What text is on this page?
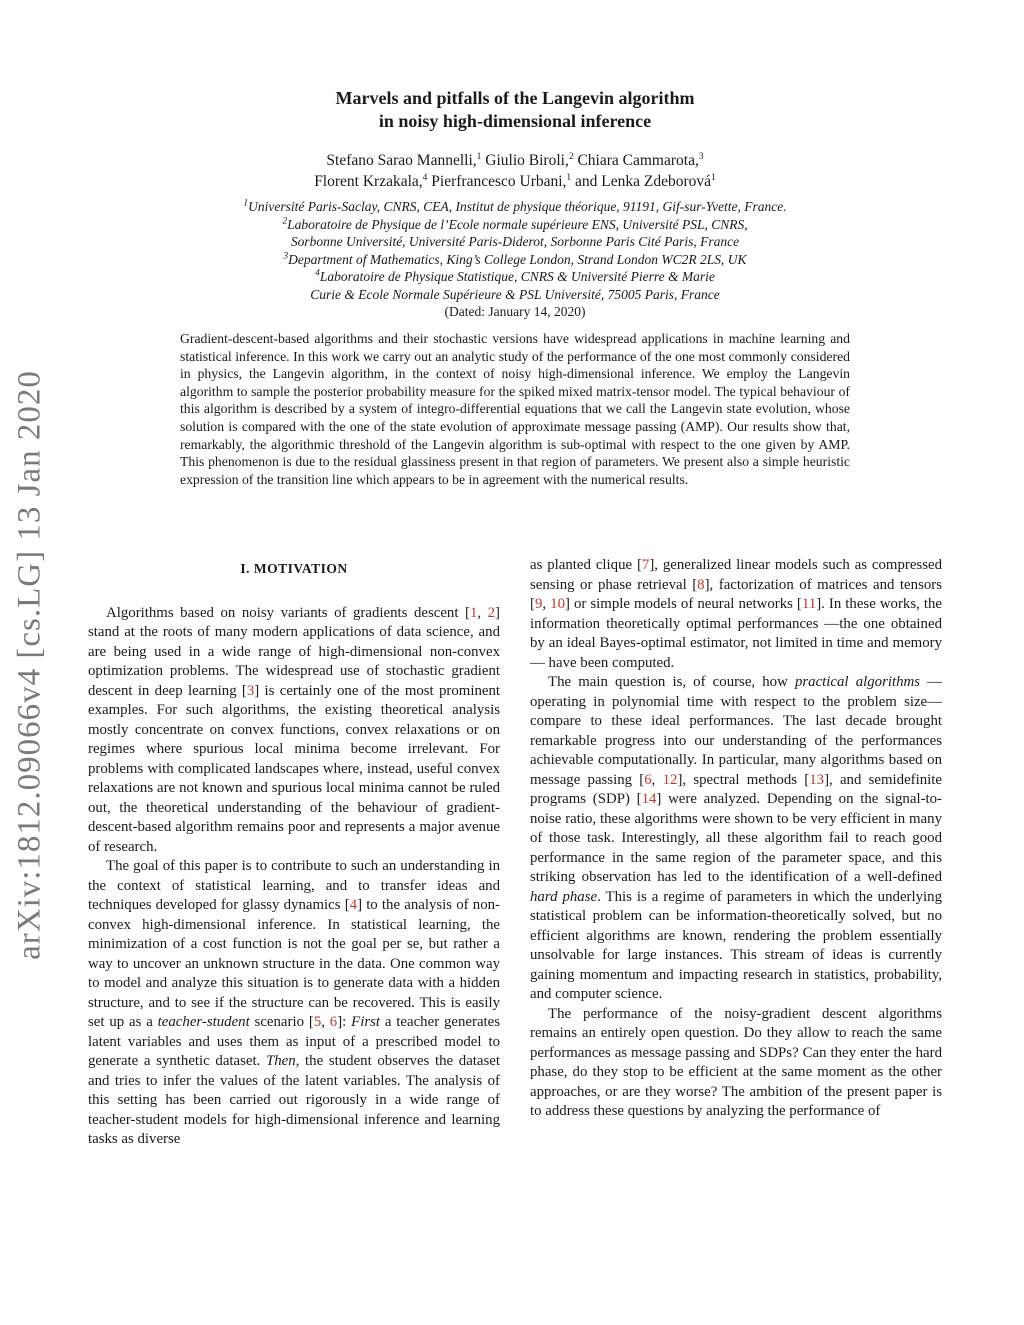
arXiv:1812.09066v4 [cs.LG] 13 Jan 2020
Marvels and pitfalls of the Langevin algorithm
in noisy high-dimensional inference
Stefano Sarao Mannelli,$^1$ Giulio Biroli,$^2$ Chiara Cammarota,$^3$
Florent Krzakala,$^4$ Pierfrancesco Urbani,$^1$ and Lenka Zdeborová$^1$
$^1$Université Paris-Saclay, CNRS, CEA, Institut de physique théorique, 91191, Gif-sur-Yvette, France.
$^2$Laboratoire de Physique de l’Ecole normale supérieure ENS, Université PSL, CNRS,
Sorbonne Université, Université Paris-Diderot, Sorbonne Paris Cité Paris, France
$^3$Department of Mathematics, King’s College London, Strand London WC2R 2LS, UK
$^4$Laboratoire de Physique Statistique, CNRS & Université Pierre & Marie
Curie & Ecole Normale Supérieure & PSL Université, 75005 Paris, France
(Dated: January 14, 2020)

Gradient-descent-based algorithms and their stochastic versions have widespread applications in machine learning and statistical inference. In this work we carry out an analytic study of the performance of the one most commonly considered in physics, the Langevin algorithm, in the context of noisy high-dimensional inference. We employ the Langevin algorithm to sample the posterior probability measure for the spiked mixed matrix-tensor model. The typical behaviour of this algorithm is described by a system of integro-differential equations that we call the Langevin state evolution, whose solution is compared with the one of the state evolution of approximate message passing (AMP). Our results show that, remarkably, the algorithmic threshold of the Langevin algorithm is sub-optimal with respect to the one given by AMP. This phenomenon is due to the residual glassiness present in that region of parameters. We present also a simple heuristic expression of the transition line which appears to be in agreement with the numerical results.

I. MOTIVATION

Algorithms based on noisy variants of gradients descent [1, 2] stand at the roots of many modern applications of data science, and are being used in a wide range of high-dimensional non-convex optimization problems. The widespread use of stochastic gradient descent in deep learning [3] is certainly one of the most prominent examples. For such algorithms, the existing theoretical analysis mostly concentrate on convex functions, convex relaxations or on regimes where spurious local minima become irrelevant. For problems with complicated landscapes where, instead, useful convex relaxations are not known and spurious local minima cannot be ruled out, the theoretical understanding of the behaviour of gradient-descent-based algorithm remains poor and represents a major avenue of research.

The goal of this paper is to contribute to such an understanding in the context of statistical learning, and to transfer ideas and techniques developed for glassy dynamics [4] to the analysis of non-convex high-dimensional inference. In statistical learning, the minimization of a cost function is not the goal per se, but rather a way to uncover an unknown structure in the data. One common way to model and analyze this situation is to generate data with a hidden structure, and to see if the structure can be recovered. This is easily set up as a teacher-student scenario [5, 6]: First a teacher generates latent variables and uses them as input of a prescribed model to generate a synthetic dataset. Then, the student observes the dataset and tries to infer the values of the latent variables. The analysis of this setting has been carried out rigorously in a wide range of teacher-student models for high-dimensional inference and learning tasks as diverse

as planted clique [7], generalized linear models such as compressed sensing or phase retrieval [8], factorization of matrices and tensors [9, 10] or simple models of neural networks [11]. In these works, the information theoretically optimal performances —the one obtained by an ideal Bayes-optimal estimator, not limited in time and memory— have been computed.

The main question is, of course, how practical algorithms —operating in polynomial time with respect to the problem size— compare to these ideal performances. The last decade brought remarkable progress into our understanding of the performances achievable computationally. In particular, many algorithms based on message passing [6, 12], spectral methods [13], and semidefinite programs (SDP) [14] were analyzed. Depending on the signal-to-noise ratio, these algorithms were shown to be very efficient in many of those task. Interestingly, all these algorithm fail to reach good performance in the same region of the parameter space, and this striking observation has led to the identification of a well-defined hard phase. This is a regime of parameters in which the underlying statistical problem can be information-theoretically solved, but no efficient algorithms are known, rendering the problem essentially unsolvable for large instances. This stream of ideas is currently gaining momentum and impacting research in statistics, probability, and computer science.

The performance of the noisy-gradient descent algorithms remains an entirely open question. Do they allow to reach the same performances as message passing and SDPs? Can they enter the hard phase, do they stop to be efficient at the same moment as the other approaches, or are they worse? The ambition of the present paper is to address these questions by analyzing the performance of
